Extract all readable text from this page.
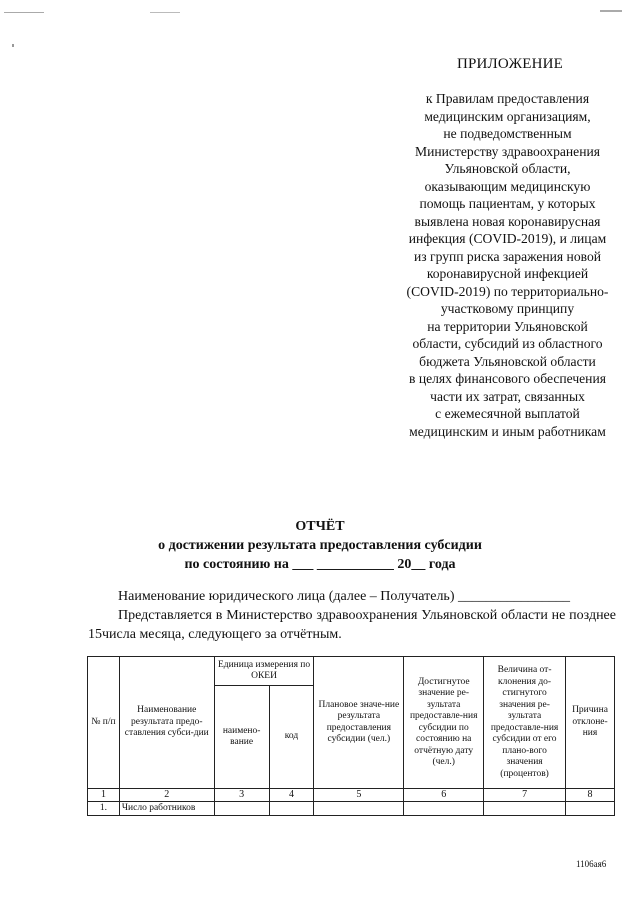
ПРИЛОЖЕНИЕ
к Правилам предоставления
медицинским организациям,
не подведомственным
Министерству здравоохранения
Ульяновской области,
оказывающим медицинскую
помощь пациентам, у которых
выявлена новая коронавирусная
инфекция (COVID-2019), и лицам
из групп риска заражения новой
коронавирусной инфекцией
(COVID-2019) по территориально-
участковому принципу
на территории Ульяновской
области, субсидий из областного
бюджета Ульяновской области
в целях финансового обеспечения
части их затрат, связанных
с ежемесячной выплатой
медицинским и иным работникам
ОТЧЁТ
о достижении результата предоставления субсидии
по состоянию на ___ ___________ 20__ года
Наименование юридического лица (далее – Получатель) ________________
Представляется в Министерство здравоохранения Ульяновской области не позднее 15числа месяца, следующего за отчётным.
№ п/п	Наименование результата предо-ставления субси-дии	Единица измерения по ОКЕИ		Плановое значе-ние результата предоставления субсидии (чел.)	Достигнутое значение ре-зультата предоставле-ния субсидии по состоянию на отчётную дату (чел.)	Величина от-клонения до-стигнутого значения ре-зультата предоставле-ния субсидии от его плано-вого значения (процентов)	Причина отклоне-ния
		наимено-вание	код				
1	2	3	4	5	6	7	8
1.	Число работников						
1106ая6
